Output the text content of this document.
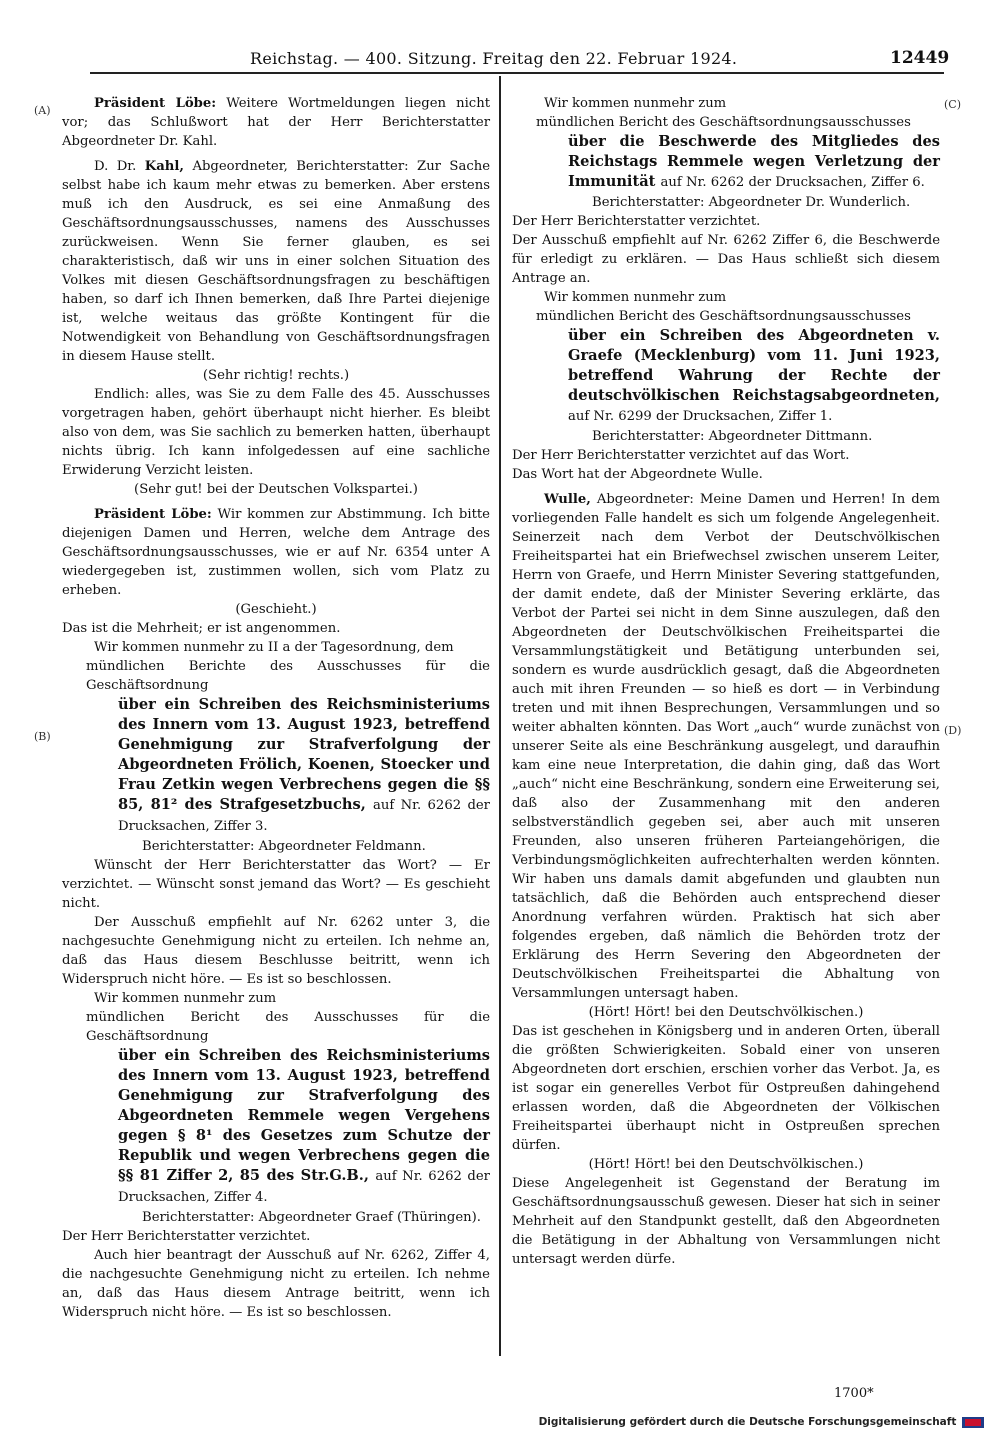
Reichstag. — 400. Sitzung. Freitag den 22. Februar 1924.	12449
(A)
(B)
(C)
(D)

Präsident Löbe: Weitere Wortmeldungen liegen nicht vor; das Schlußwort hat der Herr Berichterstatter Abgeordneter Dr. Kahl.

D. Dr. Kahl, Abgeordneter, Berichterstatter: Zur Sache selbst habe ich kaum mehr etwas zu bemerken. Aber erstens muß ich den Ausdruck, es sei eine Anmaßung des Geschäftsordnungsausschusses, namens des Ausschusses zurückweisen. Wenn Sie ferner glauben, es sei charakteristisch, daß wir uns in einer solchen Situation des Volkes mit diesen Geschäftsordnungsfragen zu beschäftigen haben, so darf ich Ihnen bemerken, daß Ihre Partei diejenige ist, welche weitaus das größte Kontingent für die Notwendigkeit von Behandlung von Geschäftsordnungsfragen in diesem Hause stellt.

(Sehr richtig! rechts.)

Endlich: alles, was Sie zu dem Falle des 45. Ausschusses vorgetragen haben, gehört überhaupt nicht hierher. Es bleibt also von dem, was Sie sachlich zu bemerken hatten, überhaupt nichts übrig. Ich kann infolgedessen auf eine sachliche Erwiderung Verzicht leisten.

(Sehr gut! bei der Deutschen Volkspartei.)

Präsident Löbe: Wir kommen zur Abstimmung. Ich bitte diejenigen Damen und Herren, welche dem Antrage des Geschäftsordnungsausschusses, wie er auf Nr. 6354 unter A wiedergegeben ist, zustimmen wollen, sich vom Platz zu erheben.

(Geschieht.)

Das ist die Mehrheit; er ist angenommen.

Wir kommen nunmehr zu II a der Tagesordnung, dem

mündlichen Berichte des Ausschusses für die Geschäftsordnung

über ein Schreiben des Reichsministeriums des Innern vom 13. August 1923, betreffend Genehmigung zur Strafverfolgung der Abgeordneten Frölich, Koenen, Stoecker und Frau Zetkin wegen Verbrechens gegen die §§ 85, 81² des Strafgesetzbuchs, auf Nr. 6262 der Drucksachen, Ziffer 3.

Berichterstatter: Abgeordneter Feldmann.

Wünscht der Herr Berichterstatter das Wort? — Er verzichtet. — Wünscht sonst jemand das Wort? — Es geschieht nicht.

Der Ausschuß empfiehlt auf Nr. 6262 unter 3, die nachgesuchte Genehmigung nicht zu erteilen. Ich nehme an, daß das Haus diesem Beschlusse beitritt, wenn ich Widerspruch nicht höre. — Es ist so beschlossen.

Wir kommen nunmehr zum

mündlichen Bericht des Ausschusses für die Geschäftsordnung

über ein Schreiben des Reichsministeriums des Innern vom 13. August 1923, betreffend Genehmigung zur Strafverfolgung des Abgeordneten Remmele wegen Vergehens gegen § 8¹ des Gesetzes zum Schutze der Republik und wegen Verbrechens gegen die §§ 81 Ziffer 2, 85 des Str.G.B., auf Nr. 6262 der Drucksachen, Ziffer 4.

Berichterstatter: Abgeordneter Graef (Thüringen).

Der Herr Berichterstatter verzichtet.

Auch hier beantragt der Ausschuß auf Nr. 6262, Ziffer 4, die nachgesuchte Genehmigung nicht zu erteilen. Ich nehme an, daß das Haus diesem Antrage beitritt, wenn ich Widerspruch nicht höre. — Es ist so beschlossen.

Wir kommen nunmehr zum

mündlichen Bericht des Geschäftsordnungsausschusses

über die Beschwerde des Mitgliedes des Reichstags Remmele wegen Verletzung der Immunität auf Nr. 6262 der Drucksachen, Ziffer 6.

Berichterstatter: Abgeordneter Dr. Wunderlich.

Der Herr Berichterstatter verzichtet.

Der Ausschuß empfiehlt auf Nr. 6262 Ziffer 6, die Beschwerde für erledigt zu erklären. — Das Haus schließt sich diesem Antrage an.

Wir kommen nunmehr zum

mündlichen Bericht des Geschäftsordnungsausschusses

über ein Schreiben des Abgeordneten v. Graefe (Mecklenburg) vom 11. Juni 1923, betreffend Wahrung der Rechte der deutschvölkischen Reichstagsabgeordneten, auf Nr. 6299 der Drucksachen, Ziffer 1.

Berichterstatter: Abgeordneter Dittmann.

Der Herr Berichterstatter verzichtet auf das Wort.

Das Wort hat der Abgeordnete Wulle.

Wulle, Abgeordneter: Meine Damen und Herren! In dem vorliegenden Falle handelt es sich um folgende Angelegenheit. Seinerzeit nach dem Verbot der Deutschvölkischen Freiheitspartei hat ein Briefwechsel zwischen unserem Leiter, Herrn von Graefe, und Herrn Minister Severing stattgefunden, der damit endete, daß der Minister Severing erklärte, das Verbot der Partei sei nicht in dem Sinne auszulegen, daß den Abgeordneten der Deutschvölkischen Freiheitspartei die Versammlungstätigkeit und Betätigung unterbunden sei, sondern es wurde ausdrücklich gesagt, daß die Abgeordneten auch mit ihren Freunden — so hieß es dort — in Verbindung treten und mit ihnen Besprechungen, Versammlungen und so weiter abhalten könnten. Das Wort „auch“ wurde zunächst von unserer Seite als eine Beschränkung ausgelegt, und daraufhin kam eine neue Interpretation, die dahin ging, daß das Wort „auch“ nicht eine Beschränkung, sondern eine Erweiterung sei, daß also der Zusammenhang mit den anderen selbstverständlich gegeben sei, aber auch mit unseren Freunden, also unseren früheren Parteiangehörigen, die Verbindungsmöglichkeiten aufrechterhalten werden könnten. Wir haben uns damals damit abgefunden und glaubten nun tatsächlich, daß die Behörden auch entsprechend dieser Anordnung verfahren würden. Praktisch hat sich aber folgendes ergeben, daß nämlich die Behörden trotz der Erklärung des Herrn Severing den Abgeordneten der Deutschvölkischen Freiheitspartei die Abhaltung von Versammlungen untersagt haben.

(Hört! Hört! bei den Deutschvölkischen.)

Das ist geschehen in Königsberg und in anderen Orten, überall die größten Schwierigkeiten. Sobald einer von unseren Abgeordneten dort erschien, erschien vorher das Verbot. Ja, es ist sogar ein generelles Verbot für Ostpreußen dahingehend erlassen worden, daß die Abgeordneten der Völkischen Freiheitspartei überhaupt nicht in Ostpreußen sprechen dürfen.

(Hört! Hört! bei den Deutschvölkischen.)

Diese Angelegenheit ist Gegenstand der Beratung im Geschäftsordnungsausschuß gewesen. Dieser hat sich in seiner Mehrheit auf den Standpunkt gestellt, daß den Abgeordneten die Betätigung in der Abhaltung von Versammlungen nicht untersagt werden dürfe.

1700*
Digitalisierung gefördert durch die Deutsche Forschungsgemeinschaft
